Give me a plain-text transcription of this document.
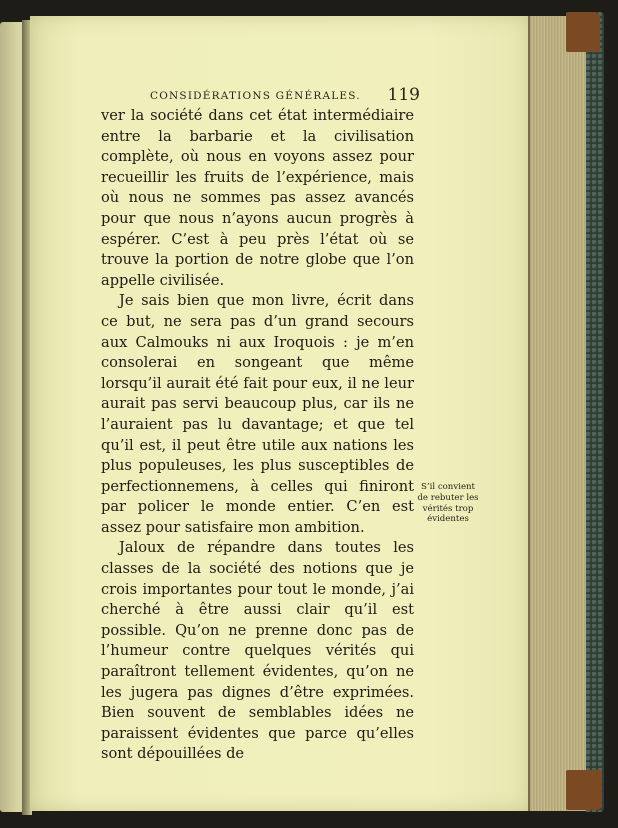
CONSIDÉRATIONS GÉNÉRALES. 119

ver la société dans cet état intermédiaire entre la barbarie et la civilisation complète, où nous en voyons assez pour recueillir les fruits de l’expérience, mais où nous ne sommes pas assez avancés pour que nous n’ayons aucun progrès à espérer. C’est à peu près l’état où se trouve la portion de notre globe que l’on appelle civilisée.

Je sais bien que mon livre, écrit dans ce but, ne sera pas d’un grand secours aux Calmouks ni aux Iroquois : je m’en consolerai en songeant que même lorsqu’il aurait été fait pour eux, il ne leur aurait pas servi beaucoup plus, car ils ne l’auraient pas lu davantage; et que tel qu’il est, il peut être utile aux nations les plus populeuses, les plus susceptibles de perfectionnemens, à celles qui finiront par policer le monde entier. C’en est assez pour satisfaire mon ambition.

Jaloux de répandre dans toutes les classes de la société des notions que je crois importantes pour tout le monde, j’ai cherché à être aussi clair qu’il est possible. Qu’on ne prenne donc pas de l’humeur contre quelques vérités qui paraîtront tellement évidentes, qu’on ne les jugera pas dignes d’être exprimées. Bien souvent de semblables idées ne paraissent évidentes que parce qu’elles sont dépouillées de

S’il convient
de rebuter les
vérités trop
évidentes
